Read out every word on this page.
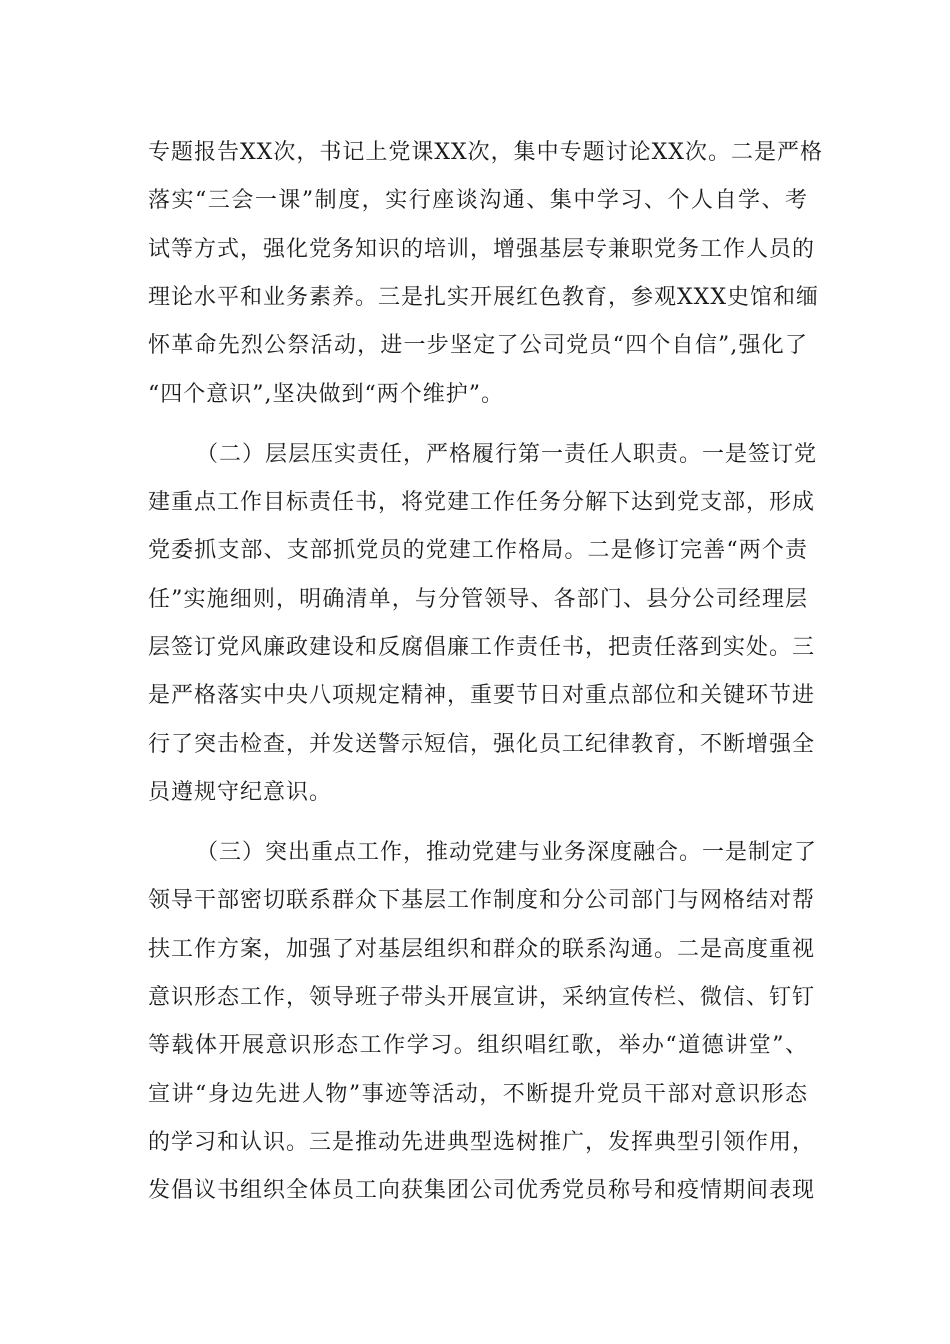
专题报告XX次，书记上党课XX次，集中专题讨论XX次。二是严格
落实“三会一课”制度，实行座谈沟通、集中学习、个人自学、考
试等方式，强化党务知识的培训，增强基层专兼职党务工作人员的
理论水平和业务素养。三是扎实开展红色教育，参观XXX史馆和缅
怀革命先烈公祭活动，进一步坚定了公司党员“四个自信”,强化了
“四个意识”,坚决做到“两个维护”。
（二）层层压实责任，严格履行第一责任人职责。一是签订党
建重点工作目标责任书，将党建工作任务分解下达到党支部，形成
党委抓支部、支部抓党员的党建工作格局。二是修订完善“两个责
任”实施细则，明确清单，与分管领导、各部门、县分公司经理层
层签订党风廉政建设和反腐倡廉工作责任书，把责任落到实处。三
是严格落实中央八项规定精神，重要节日对重点部位和关键环节进
行了突击检查，并发送警示短信，强化员工纪律教育，不断增强全
员遵规守纪意识。
（三）突出重点工作，推动党建与业务深度融合。一是制定了
领导干部密切联系群众下基层工作制度和分公司部门与网格结对帮
扶工作方案，加强了对基层组织和群众的联系沟通。二是高度重视
意识形态工作，领导班子带头开展宣讲，采纳宣传栏、微信、钉钉
等载体开展意识形态工作学习。组织唱红歌，举办“道德讲堂”、
宣讲“身边先进人物”事迹等活动，不断提升党员干部对意识形态
的学习和认识。三是推动先进典型选树推广，发挥典型引领作用，
发倡议书组织全体员工向获集团公司优秀党员称号和疫情期间表现
